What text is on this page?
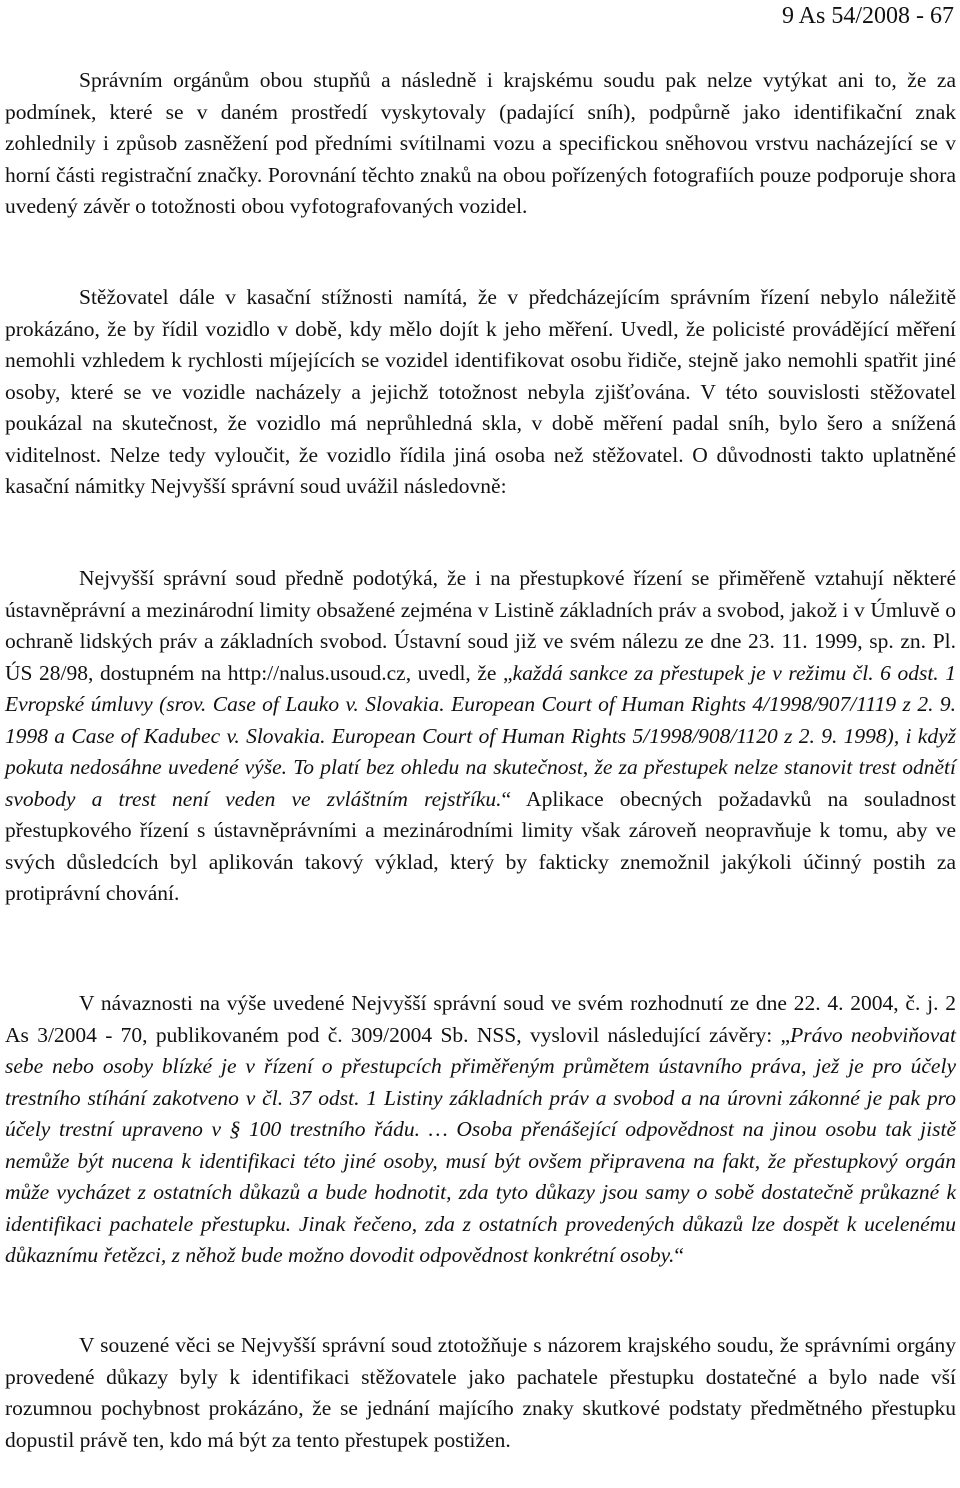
9 As 54/2008 - 67

Správním orgánům obou stupňů a následně i krajskému soudu pak nelze vytýkat ani to, že za podmínek, které se v daném prostředí vyskytovaly (padající sníh), podpůrně jako identifikační znak zohlednily i způsob zasněžení pod předními svítilnami vozu a specifickou sněhovou vrstvu nacházející se v horní části registrační značky. Porovnání těchto znaků na obou pořízených fotografiích pouze podporuje shora uvedený závěr o totožnosti obou vyfotografovaných vozidel.

Stěžovatel dále v kasační stížnosti namítá, že v předcházejícím správním řízení nebylo náležitě prokázáno, že by řídil vozidlo v době, kdy mělo dojít k jeho měření. Uvedl, že policisté provádějící měření nemohli vzhledem k rychlosti míjejících se vozidel identifikovat osobu řidiče, stejně jako nemohli spatřit jiné osoby, které se ve vozidle nacházely a jejichž totožnost nebyla zjišťována. V této souvislosti stěžovatel poukázal na skutečnost, že vozidlo má neprůhledná skla, v době měření padal sníh, bylo šero a snížená viditelnost. Nelze tedy vyloučit, že vozidlo řídila jiná osoba než stěžovatel. O důvodnosti takto uplatněné kasační námitky Nejvyšší správní soud uvážil následovně:

Nejvyšší správní soud předně podotýká, že i na přestupkové řízení se přiměřeně vztahují některé ústavněprávní a mezinárodní limity obsažené zejména v Listině základních práv a svobod, jakož i v Úmluvě o ochraně lidských práv a základních svobod. Ústavní soud již ve svém nálezu ze dne 23. 11. 1999, sp. zn. Pl. ÚS 28/98, dostupném na http://nalus.usoud.cz, uvedl, že „každá sankce za přestupek je v režimu čl. 6 odst. 1 Evropské úmluvy (srov. Case of Lauko v. Slovakia. European Court of Human Rights 4/1998/907/1119 z 2. 9. 1998 a Case of Kadubec v. Slovakia. European Court of Human Rights 5/1998/908/1120 z 2. 9. 1998), i když pokuta nedosáhne uvedené výše. To platí bez ohledu na skutečnost, že za přestupek nelze stanovit trest odnětí svobody a trest není veden ve zvláštním rejstříku.“ Aplikace obecných požadavků na souladnost přestupkového řízení s ústavněprávními a mezinárodními limity však zároveň neopravňuje k tomu, aby ve svých důsledcích byl aplikován takový výklad, který by fakticky znemožnil jakýkoli účinný postih za protiprávní chování.

V návaznosti na výše uvedené Nejvyšší správní soud ve svém rozhodnutí ze dne 22. 4. 2004, č. j. 2 As 3/2004 - 70, publikovaném pod č. 309/2004 Sb. NSS, vyslovil následující závěry: „Právo neobviňovat sebe nebo osoby blízké je v řízení o přestupcích přiměřeným průmětem ústavního práva, jež je pro účely trestního stíhání zakotveno v čl. 37 odst. 1 Listiny základních práv a svobod a na úrovni zákonné je pak pro účely trestní upraveno v § 100 trestního řádu. … Osoba přenášející odpovědnost na jinou osobu tak jistě nemůže být nucena k identifikaci této jiné osoby, musí být ovšem připravena na fakt, že přestupkový orgán může vycházet z ostatních důkazů a bude hodnotit, zda tyto důkazy jsou samy o sobě dostatečně průkazné k identifikaci pachatele přestupku. Jinak řečeno, zda z ostatních provedených důkazů lze dospět k ucelenému důkaznímu řetězci, z něhož bude možno dovodit odpovědnost konkrétní osoby.“

V souzené věci se Nejvyšší správní soud ztotožňuje s názorem krajského soudu, že správními orgány provedené důkazy byly k identifikaci stěžovatele jako pachatele přestupku dostatečné a bylo nade vší rozumnou pochybnost prokázáno, že se jednání majícího znaky skutkové podstaty předmětného přestupku dopustil právě ten, kdo má být za tento přestupek postižen.
